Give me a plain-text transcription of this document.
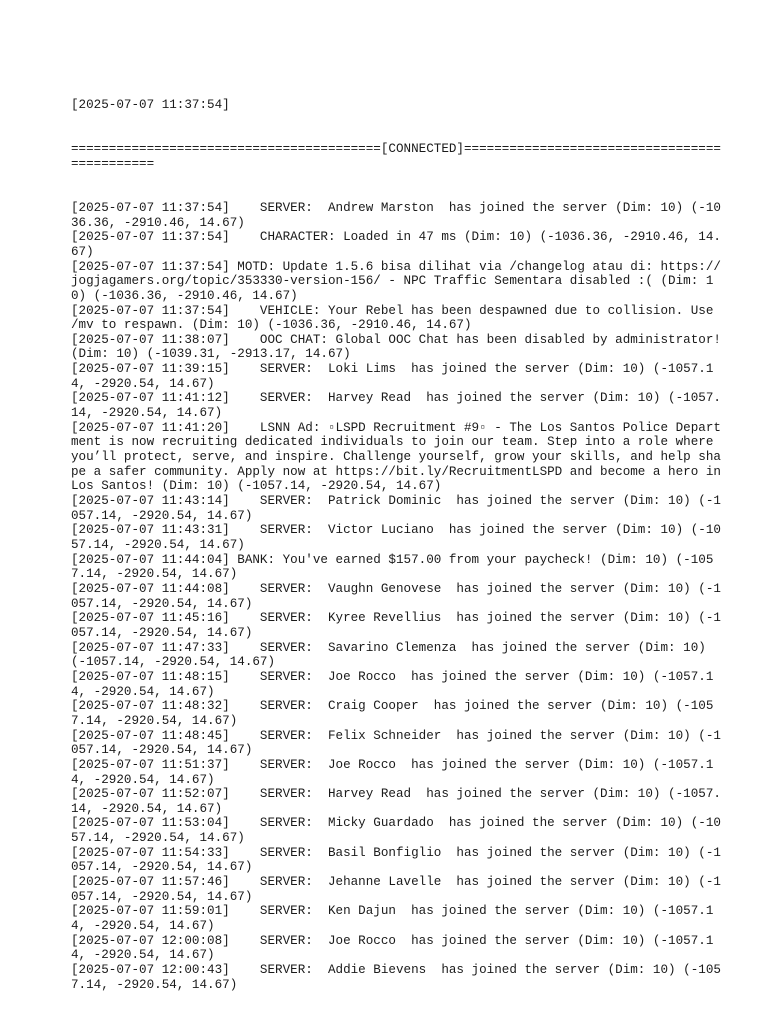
[2025-07-07 11:37:54]

=========================================[CONNECTED]=============================================

[2025-07-07 11:37:54]    SERVER:  Andrew Marston  has joined the server (Dim: 10) (-1036.36, -2910.46, 14.67)
[2025-07-07 11:37:54]    CHARACTER: Loaded in 47 ms (Dim: 10) (-1036.36, -2910.46, 14.67)
[2025-07-07 11:37:54] MOTD: Update 1.5.6 bisa dilihat via /changelog atau di: https://jogjagamers.org/topic/353330-version-156/ - NPC Traffic Sementara disabled :( (Dim: 10) (-1036.36, -2910.46, 14.67)
[2025-07-07 11:37:54]    VEHICLE: Your Rebel has been despawned due to collision. Use /mv to respawn. (Dim: 10) (-1036.36, -2910.46, 14.67)
[2025-07-07 11:38:07]    OOC CHAT: Global OOC Chat has been disabled by administrator! (Dim: 10) (-1039.31, -2913.17, 14.67)
[2025-07-07 11:39:15]    SERVER:  Loki Lims  has joined the server (Dim: 10) (-1057.14, -2920.54, 14.67)
[2025-07-07 11:41:12]    SERVER:  Harvey Read  has joined the server (Dim: 10) (-1057.14, -2920.54, 14.67)
[2025-07-07 11:41:20]    LSNN Ad: ▫LSPD Recruitment #9▫ - The Los Santos Police Department is now recruiting dedicated individuals to join our team. Step into a role where you’ll protect, serve, and inspire. Challenge yourself, grow your skills, and help shape a safer community. Apply now at https://bit.ly/RecruitmentLSPD and become a hero in Los Santos! (Dim: 10) (-1057.14, -2920.54, 14.67)
[2025-07-07 11:43:14]    SERVER:  Patrick Dominic  has joined the server (Dim: 10) (-1057.14, -2920.54, 14.67)
[2025-07-07 11:43:31]    SERVER:  Victor Luciano  has joined the server (Dim: 10) (-1057.14, -2920.54, 14.67)
[2025-07-07 11:44:04] BANK: You've earned $157.00 from your paycheck! (Dim: 10) (-1057.14, -2920.54, 14.67)
[2025-07-07 11:44:08]    SERVER:  Vaughn Genovese  has joined the server (Dim: 10) (-1057.14, -2920.54, 14.67)
[2025-07-07 11:45:16]    SERVER:  Kyree Revellius  has joined the server (Dim: 10) (-1057.14, -2920.54, 14.67)
[2025-07-07 11:47:33]    SERVER:  Savarino Clemenza  has joined the server (Dim: 10) (-1057.14, -2920.54, 14.67)
[2025-07-07 11:48:15]    SERVER:  Joe Rocco  has joined the server (Dim: 10) (-1057.14, -2920.54, 14.67)
[2025-07-07 11:48:32]    SERVER:  Craig Cooper  has joined the server (Dim: 10) (-1057.14, -2920.54, 14.67)
[2025-07-07 11:48:45]    SERVER:  Felix Schneider  has joined the server (Dim: 10) (-1057.14, -2920.54, 14.67)
[2025-07-07 11:51:37]    SERVER:  Joe Rocco  has joined the server (Dim: 10) (-1057.14, -2920.54, 14.67)
[2025-07-07 11:52:07]    SERVER:  Harvey Read  has joined the server (Dim: 10) (-1057.14, -2920.54, 14.67)
[2025-07-07 11:53:04]    SERVER:  Micky Guardado  has joined the server (Dim: 10) (-1057.14, -2920.54, 14.67)
[2025-07-07 11:54:33]    SERVER:  Basil Bonfiglio  has joined the server (Dim: 10) (-1057.14, -2920.54, 14.67)
[2025-07-07 11:57:46]    SERVER:  Jehanne Lavelle  has joined the server (Dim: 10) (-1057.14, -2920.54, 14.67)
[2025-07-07 11:59:01]    SERVER:  Ken Dajun  has joined the server (Dim: 10) (-1057.14, -2920.54, 14.67)
[2025-07-07 12:00:08]    SERVER:  Joe Rocco  has joined the server (Dim: 10) (-1057.14, -2920.54, 14.67)
[2025-07-07 12:00:43]    SERVER:  Addie Bievens  has joined the server (Dim: 10) (-1057.14, -2920.54, 14.67)
